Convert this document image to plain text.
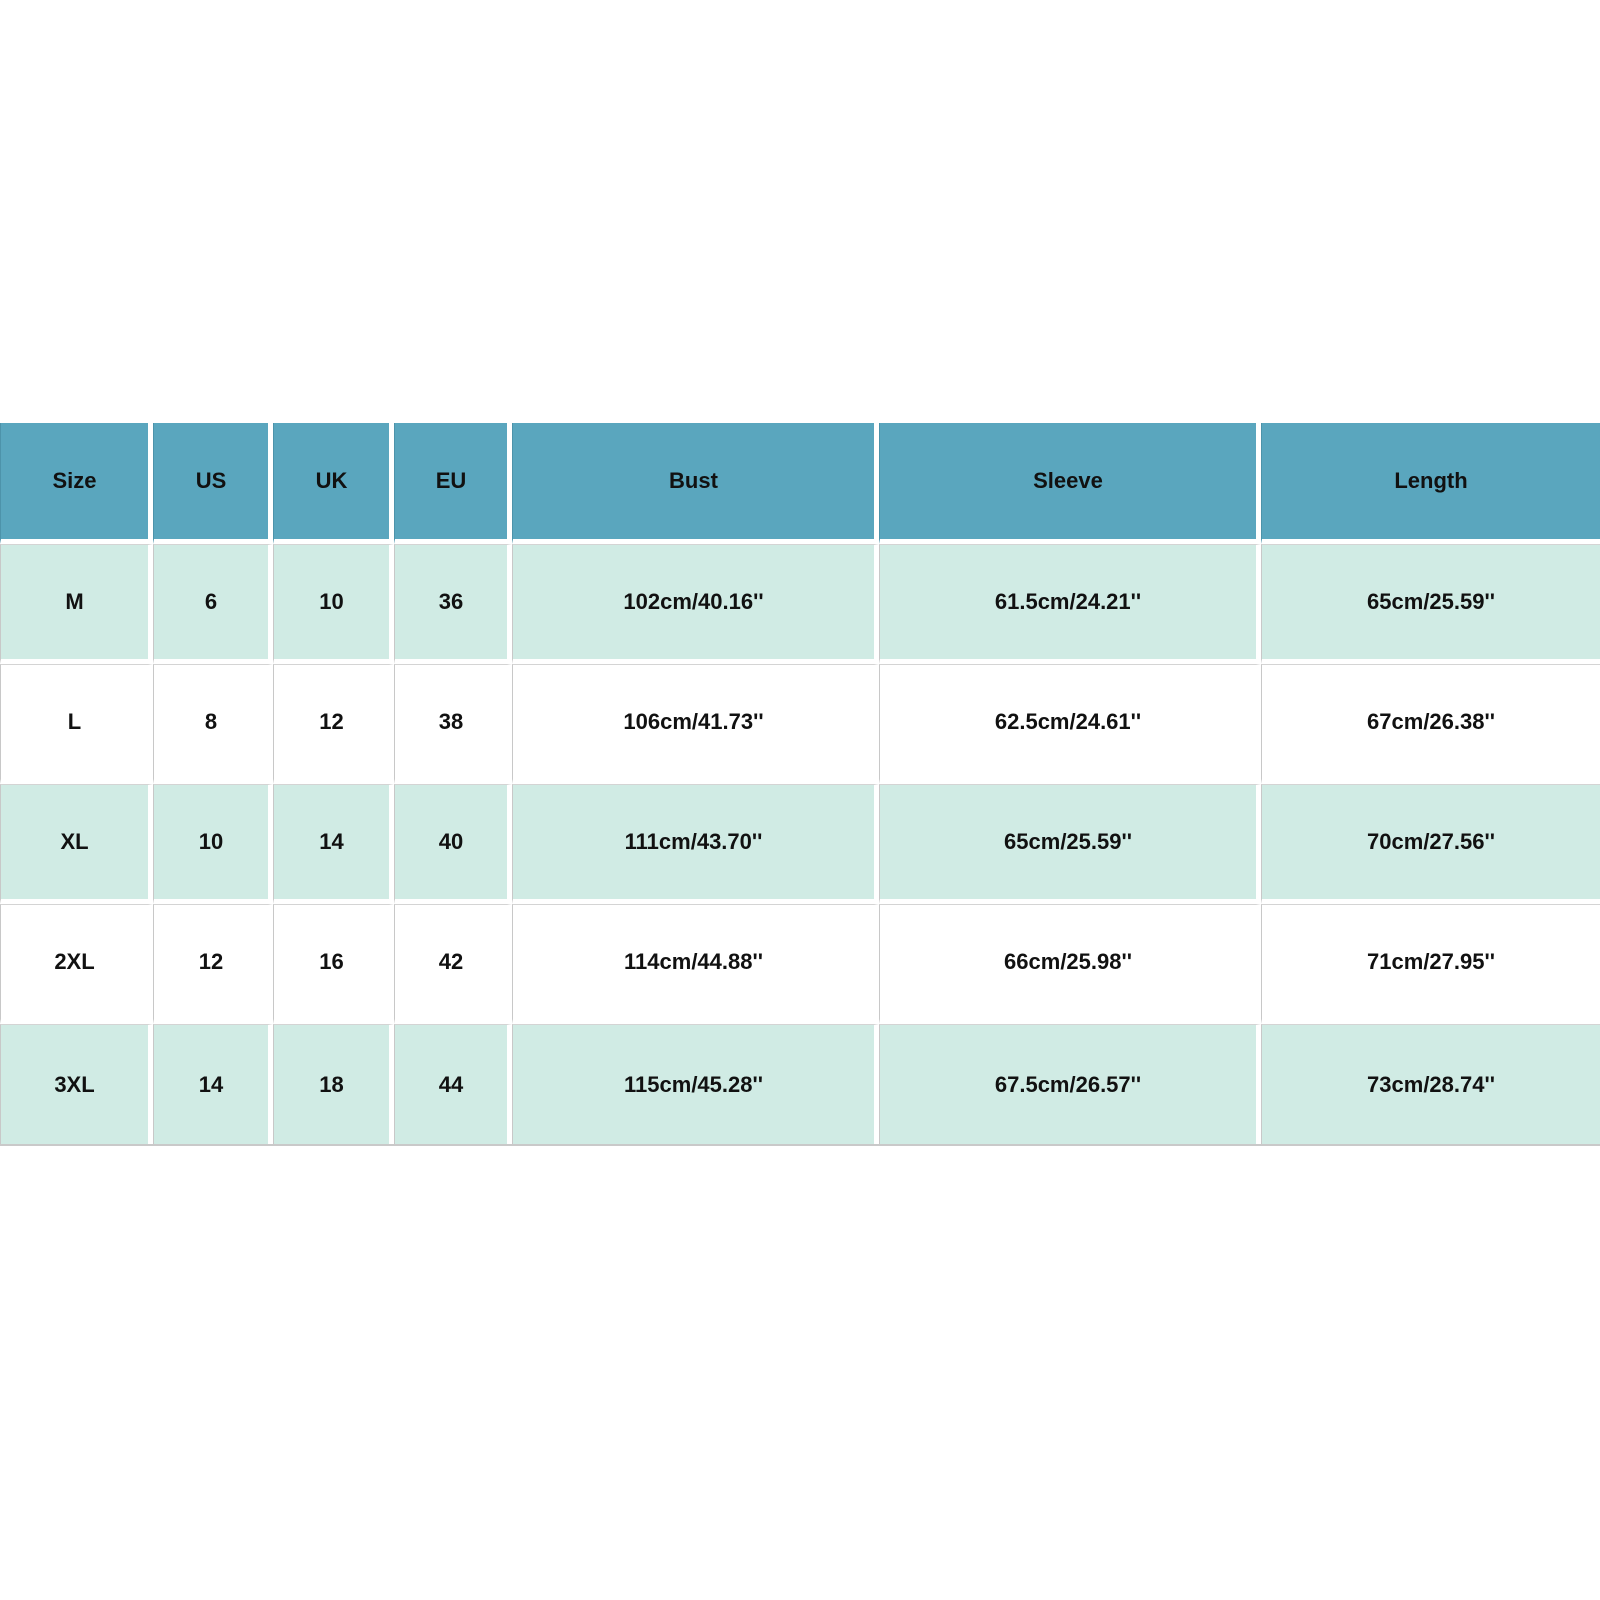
Size	US	UK	EU	Bust	Sleeve	Length
M	6	10	36	102cm/40.16''	61.5cm/24.21''	65cm/25.59''
L	8	12	38	106cm/41.73''	62.5cm/24.61''	67cm/26.38''
XL	10	14	40	111cm/43.70''	65cm/25.59''	70cm/27.56''
2XL	12	16	42	114cm/44.88''	66cm/25.98''	71cm/27.95''
3XL	14	18	44	115cm/45.28''	67.5cm/26.57''	73cm/28.74''
